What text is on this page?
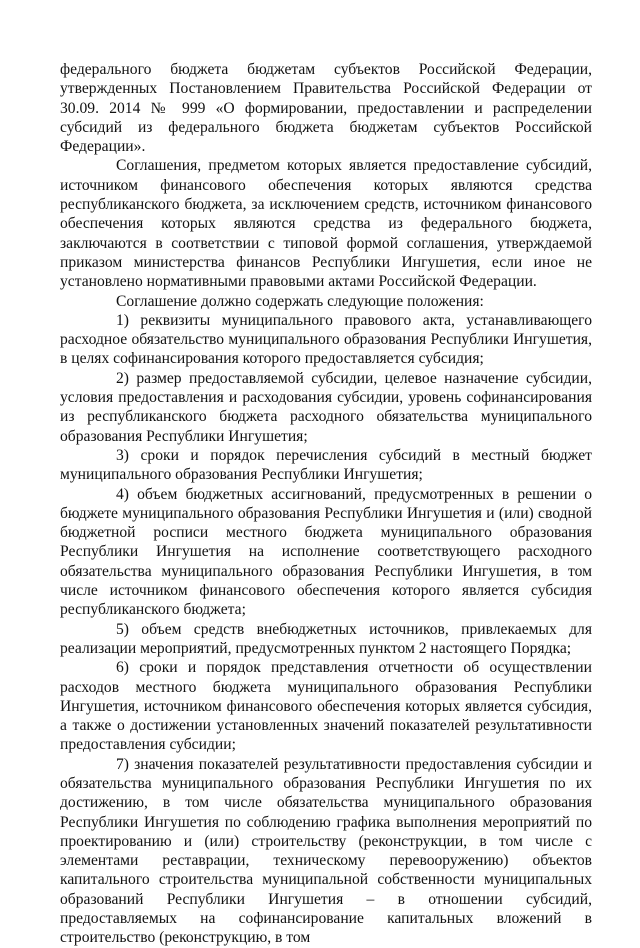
федерального бюджета бюджетам субъектов Российской Федерации, утвержденных Постановлением Правительства Российской Федерации от 30.09. 2014 № 999 «О формировании, предоставлении и распределении субсидий из федерального бюджета бюджетам субъектов Российской Федерации».

Соглашения, предметом которых является предоставление субсидий, источником финансового обеспечения которых являются средства республиканского бюджета, за исключением средств, источником финансового обеспечения которых являются средства из федерального бюджета, заключаются в соответствии с типовой формой соглашения, утверждаемой приказом министерства финансов Республики Ингушетия, если иное не установлено нормативными правовыми актами Российской Федерации.

Соглашение должно содержать следующие положения:

1) реквизиты муниципального правового акта, устанавливающего расходное обязательство муниципального образования Республики Ингушетия, в целях софинансирования которого предоставляется субсидия;

2) размер предоставляемой субсидии, целевое назначение субсидии, условия предоставления и расходования субсидии, уровень софинансирования из республиканского бюджета расходного обязательства муниципального образования Республики Ингушетия;

3) сроки и порядок перечисления субсидий в местный бюджет муниципального образования Республики Ингушетия;

4) объем бюджетных ассигнований, предусмотренных в решении о бюджете муниципального образования Республики Ингушетия и (или) сводной бюджетной росписи местного бюджета муниципального образования Республики Ингушетия на исполнение соответствующего расходного обязательства муниципального образования Республики Ингушетия, в том числе источником финансового обеспечения которого является субсидия республиканского бюджета;

5) объем средств внебюджетных источников, привлекаемых для реализации мероприятий, предусмотренных пунктом 2 настоящего Порядка;

6) сроки и порядок представления отчетности об осуществлении расходов местного бюджета муниципального образования Республики Ингушетия, источником финансового обеспечения которых является субсидия, а также о достижении установленных значений показателей результативности предоставления субсидии;

7) значения показателей результативности предоставления субсидии и обязательства муниципального образования Республики Ингушетия по их достижению, в том числе обязательства муниципального образования Республики Ингушетия по соблюдению графика выполнения мероприятий по проектированию и (или) строительству (реконструкции, в том числе с элементами реставрации, техническому перевооружению) объектов капитального строительства муниципальной собственности муниципальных образований Республики Ингушетия – в отношении субсидий, предоставляемых на софинансирование капитальных вложений в строительство (реконструкцию, в том
